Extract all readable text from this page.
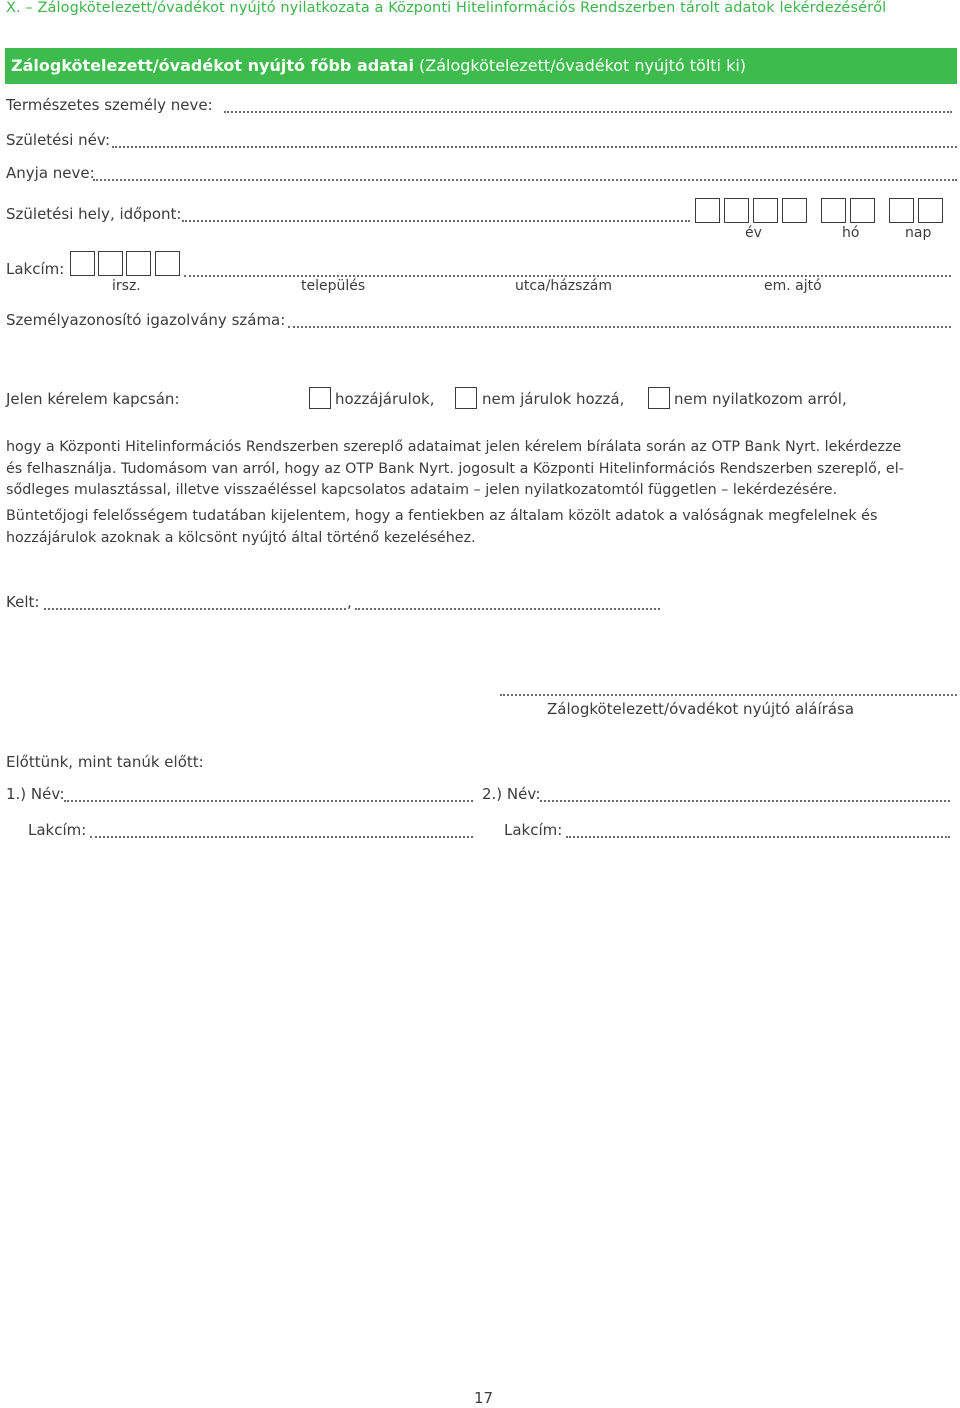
X. – Zálogkötelezett/óvadékot nyújtó nyilatkozata a Központi Hitelinformációs Rendszerben tárolt adatok lekérdezéséről
Zálogkötelezett/óvadékot nyújtó főbb adatai (Zálogkötelezett/óvadékot nyújtó tölti ki)
Természetes személy neve:
Születési név:
Anyja neve:
Születési hely, időpont:
év	hó	nap
Lakcím:
irsz.	település	utca/házszám	em. ajtó
Személyazonosító igazolvány száma:
Jelen kérelem kapcsán:	hozzájárulok,	nem járulok hozzá,	nem nyilatkozom arról,
hogy a Központi Hitelinformációs Rendszerben szereplő adataimat jelen kérelem bírálata során az OTP Bank Nyrt. lekérdezze
és felhasználja. Tudomásom van arról, hogy az OTP Bank Nyrt. jogosult a Központi Hitelinformációs Rendszerben szereplő, el-
sődleges mulasztással, illetve visszaéléssel kapcsolatos adataim – jelen nyilatkozatomtól független – lekérdezésére.
Büntetőjogi felelősségem tudatában kijelentem, hogy a fentiekben az általam közölt adatok a valóságnak megfelelnek és
hozzájárulok azoknak a kölcsönt nyújtó által történő kezeléséhez.
Kelt:	,
Zálogkötelezett/óvadékot nyújtó aláírása
Előttünk, mint tanúk előtt:
1.) Név:	2.) Név:
Lakcím:	Lakcím:
17
